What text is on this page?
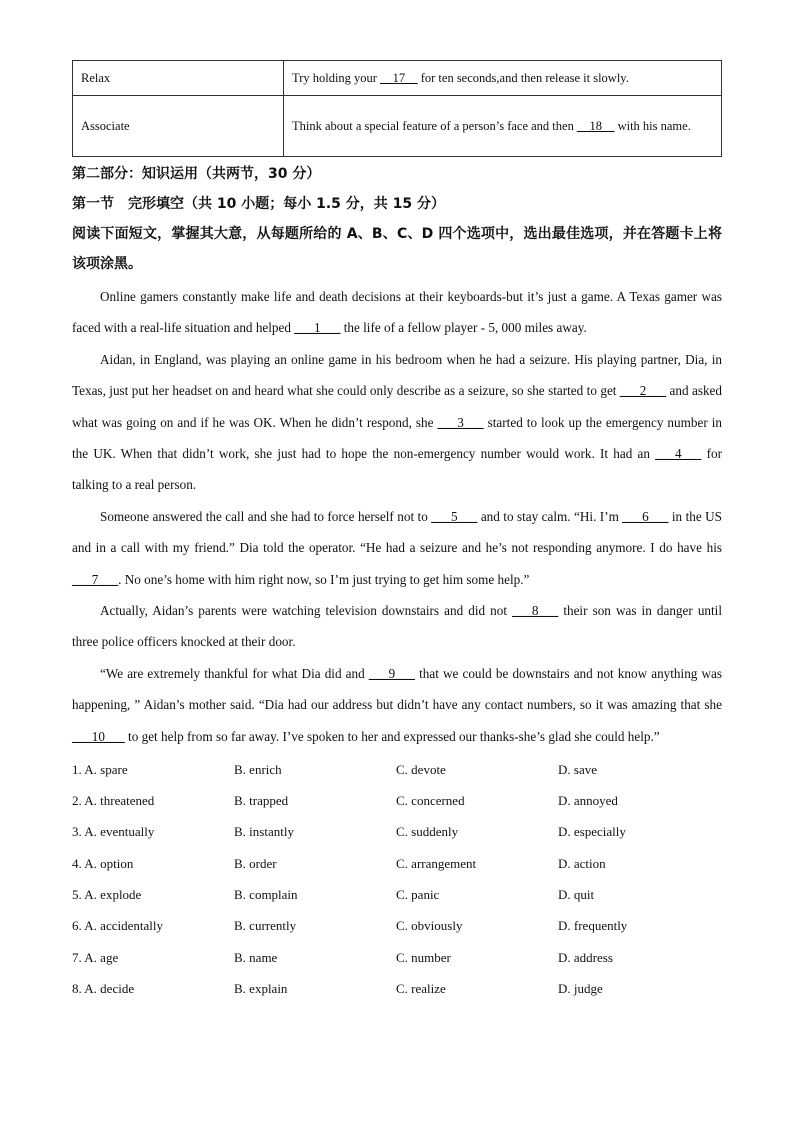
Relax	Try holding your __17__ for ten seconds,and then release it slowly.
Associate	Think about a special feature of a person’s face and then __18__ with his name.
第二部分：知识运用（共两节，30 分）
第一节　完形填空（共 10 小题；每小 1.5 分，共 15 分）
阅读下面短文，掌握其大意，从每题所给的 A、B、C、D 四个选项中，选出最佳选项，并在答题卡上将该项涂黑。

Online gamers constantly make life and death decisions at their keyboards-but it’s just a game. A Texas gamer was faced with a real-life situation and helped ___1___ the life of a fellow player - 5, 000 miles away.

Aidan, in England, was playing an online game in his bedroom when he had a seizure. His playing partner, Dia, in Texas, just put her headset on and heard what she could only describe as a seizure, so she started to get ___2___ and asked what was going on and if he was OK. When he didn’t respond, she ___3___ started to look up the emergency number in the UK. When that didn’t work, she just had to hope the non-emergency number would work. It had an ___4___ for talking to a real person.

Someone answered the call and she had to force herself not to ___5___ and to stay calm. “Hi. I’m ___6___ in the US and in a call with my friend.” Dia told the operator. “He had a seizure and he’s not responding anymore. I do have his ___7___. No one’s home with him right now, so I’m just trying to get him some help.”

Actually, Aidan’s parents were watching television downstairs and did not ___8___ their son was in danger until three police officers knocked at their door.

“We are extremely thankful for what Dia did and ___9___ that we could be downstairs and not know anything was happening, ” Aidan’s mother said. “Dia had our address but didn’t have any contact numbers, so it was amazing that she ___10___ to get help from so far away. I’ve spoken to her and expressed our thanks-she’s glad she could help.”

1. A. spare	B. enrich	C. devote	D. save
2. A. threatened	B. trapped	C. concerned	D. annoyed
3. A. eventually	B. instantly	C. suddenly	D. especially
4. A. option	B. order	C. arrangement	D. action
5. A. explode	B. complain	C. panic	D. quit
6. A. accidentally	B. currently	C. obviously	D. frequently
7. A. age	B. name	C. number	D. address
8. A. decide	B. explain	C. realize	D. judge
